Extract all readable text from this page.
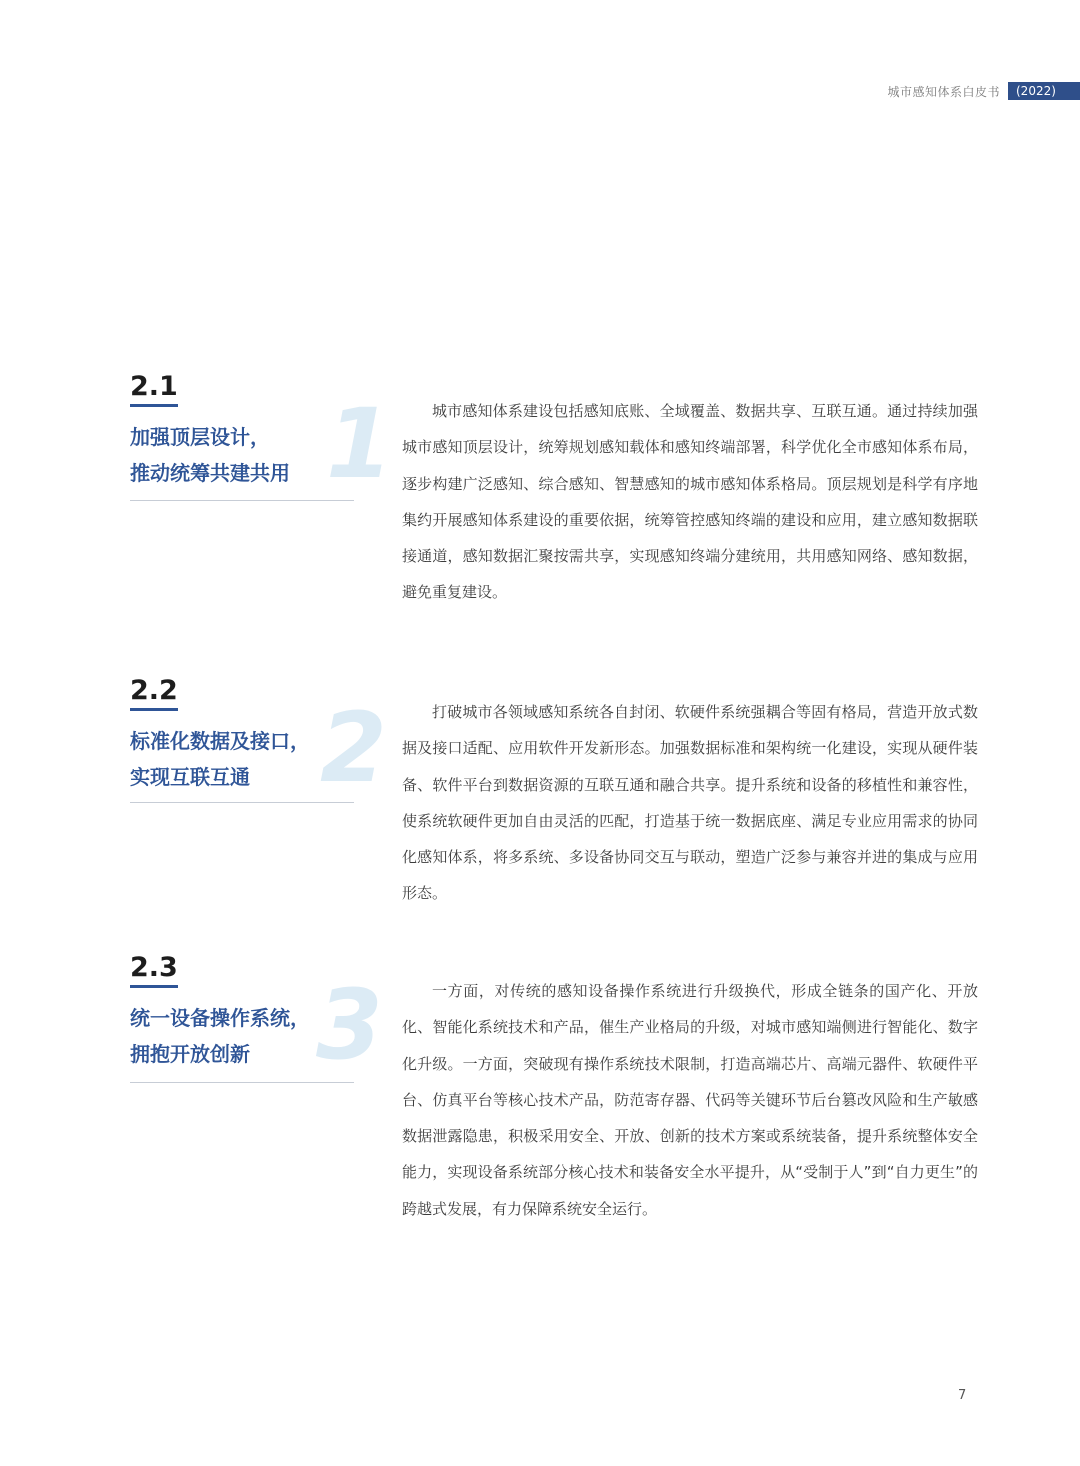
城市感知体系白皮书	(2022)
2.1
加强顶层设计，
推动统筹共建共用 1	城市感知体系建设包括感知底账、全域覆盖、数据共享、互联互通。通过持续加强城市感知顶层设计，统筹规划感知载体和感知终端部署，科学优化全市感知体系布局，逐步构建广泛感知、综合感知、智慧感知的城市感知体系格局。顶层规划是科学有序地集约开展感知体系建设的重要依据，统筹管控感知终端的建设和应用，建立感知数据联接通道，感知数据汇聚按需共享，实现感知终端分建统用，共用感知网络、感知数据，避免重复建设。
2.2
标准化数据及接口，
实现互联互通 2	打破城市各领域感知系统各自封闭、软硬件系统强耦合等固有格局，营造开放式数据及接口适配、应用软件开发新形态。加强数据标准和架构统一化建设，实现从硬件装备、软件平台到数据资源的互联互通和融合共享。提升系统和设备的移植性和兼容性，使系统软硬件更加自由灵活的匹配，打造基于统一数据底座、满足专业应用需求的协同化感知体系，将多系统、多设备协同交互与联动，塑造广泛参与兼容并进的集成与应用形态。
2.3
统一设备操作系统，
拥抱开放创新 3	一方面，对传统的感知设备操作系统进行升级换代，形成全链条的国产化、开放化、智能化系统技术和产品，催生产业格局的升级，对城市感知端侧进行智能化、数字化升级。一方面，突破现有操作系统技术限制，打造高端芯片、高端元器件、软硬件平台、仿真平台等核心技术产品，防范寄存器、代码等关键环节后台篡改风险和生产敏感数据泄露隐患，积极采用安全、开放、创新的技术方案或系统装备，提升系统整体安全能力，实现设备系统部分核心技术和装备安全水平提升，从“受制于人”到“自力更生”的跨越式发展，有力保障系统安全运行。
7
